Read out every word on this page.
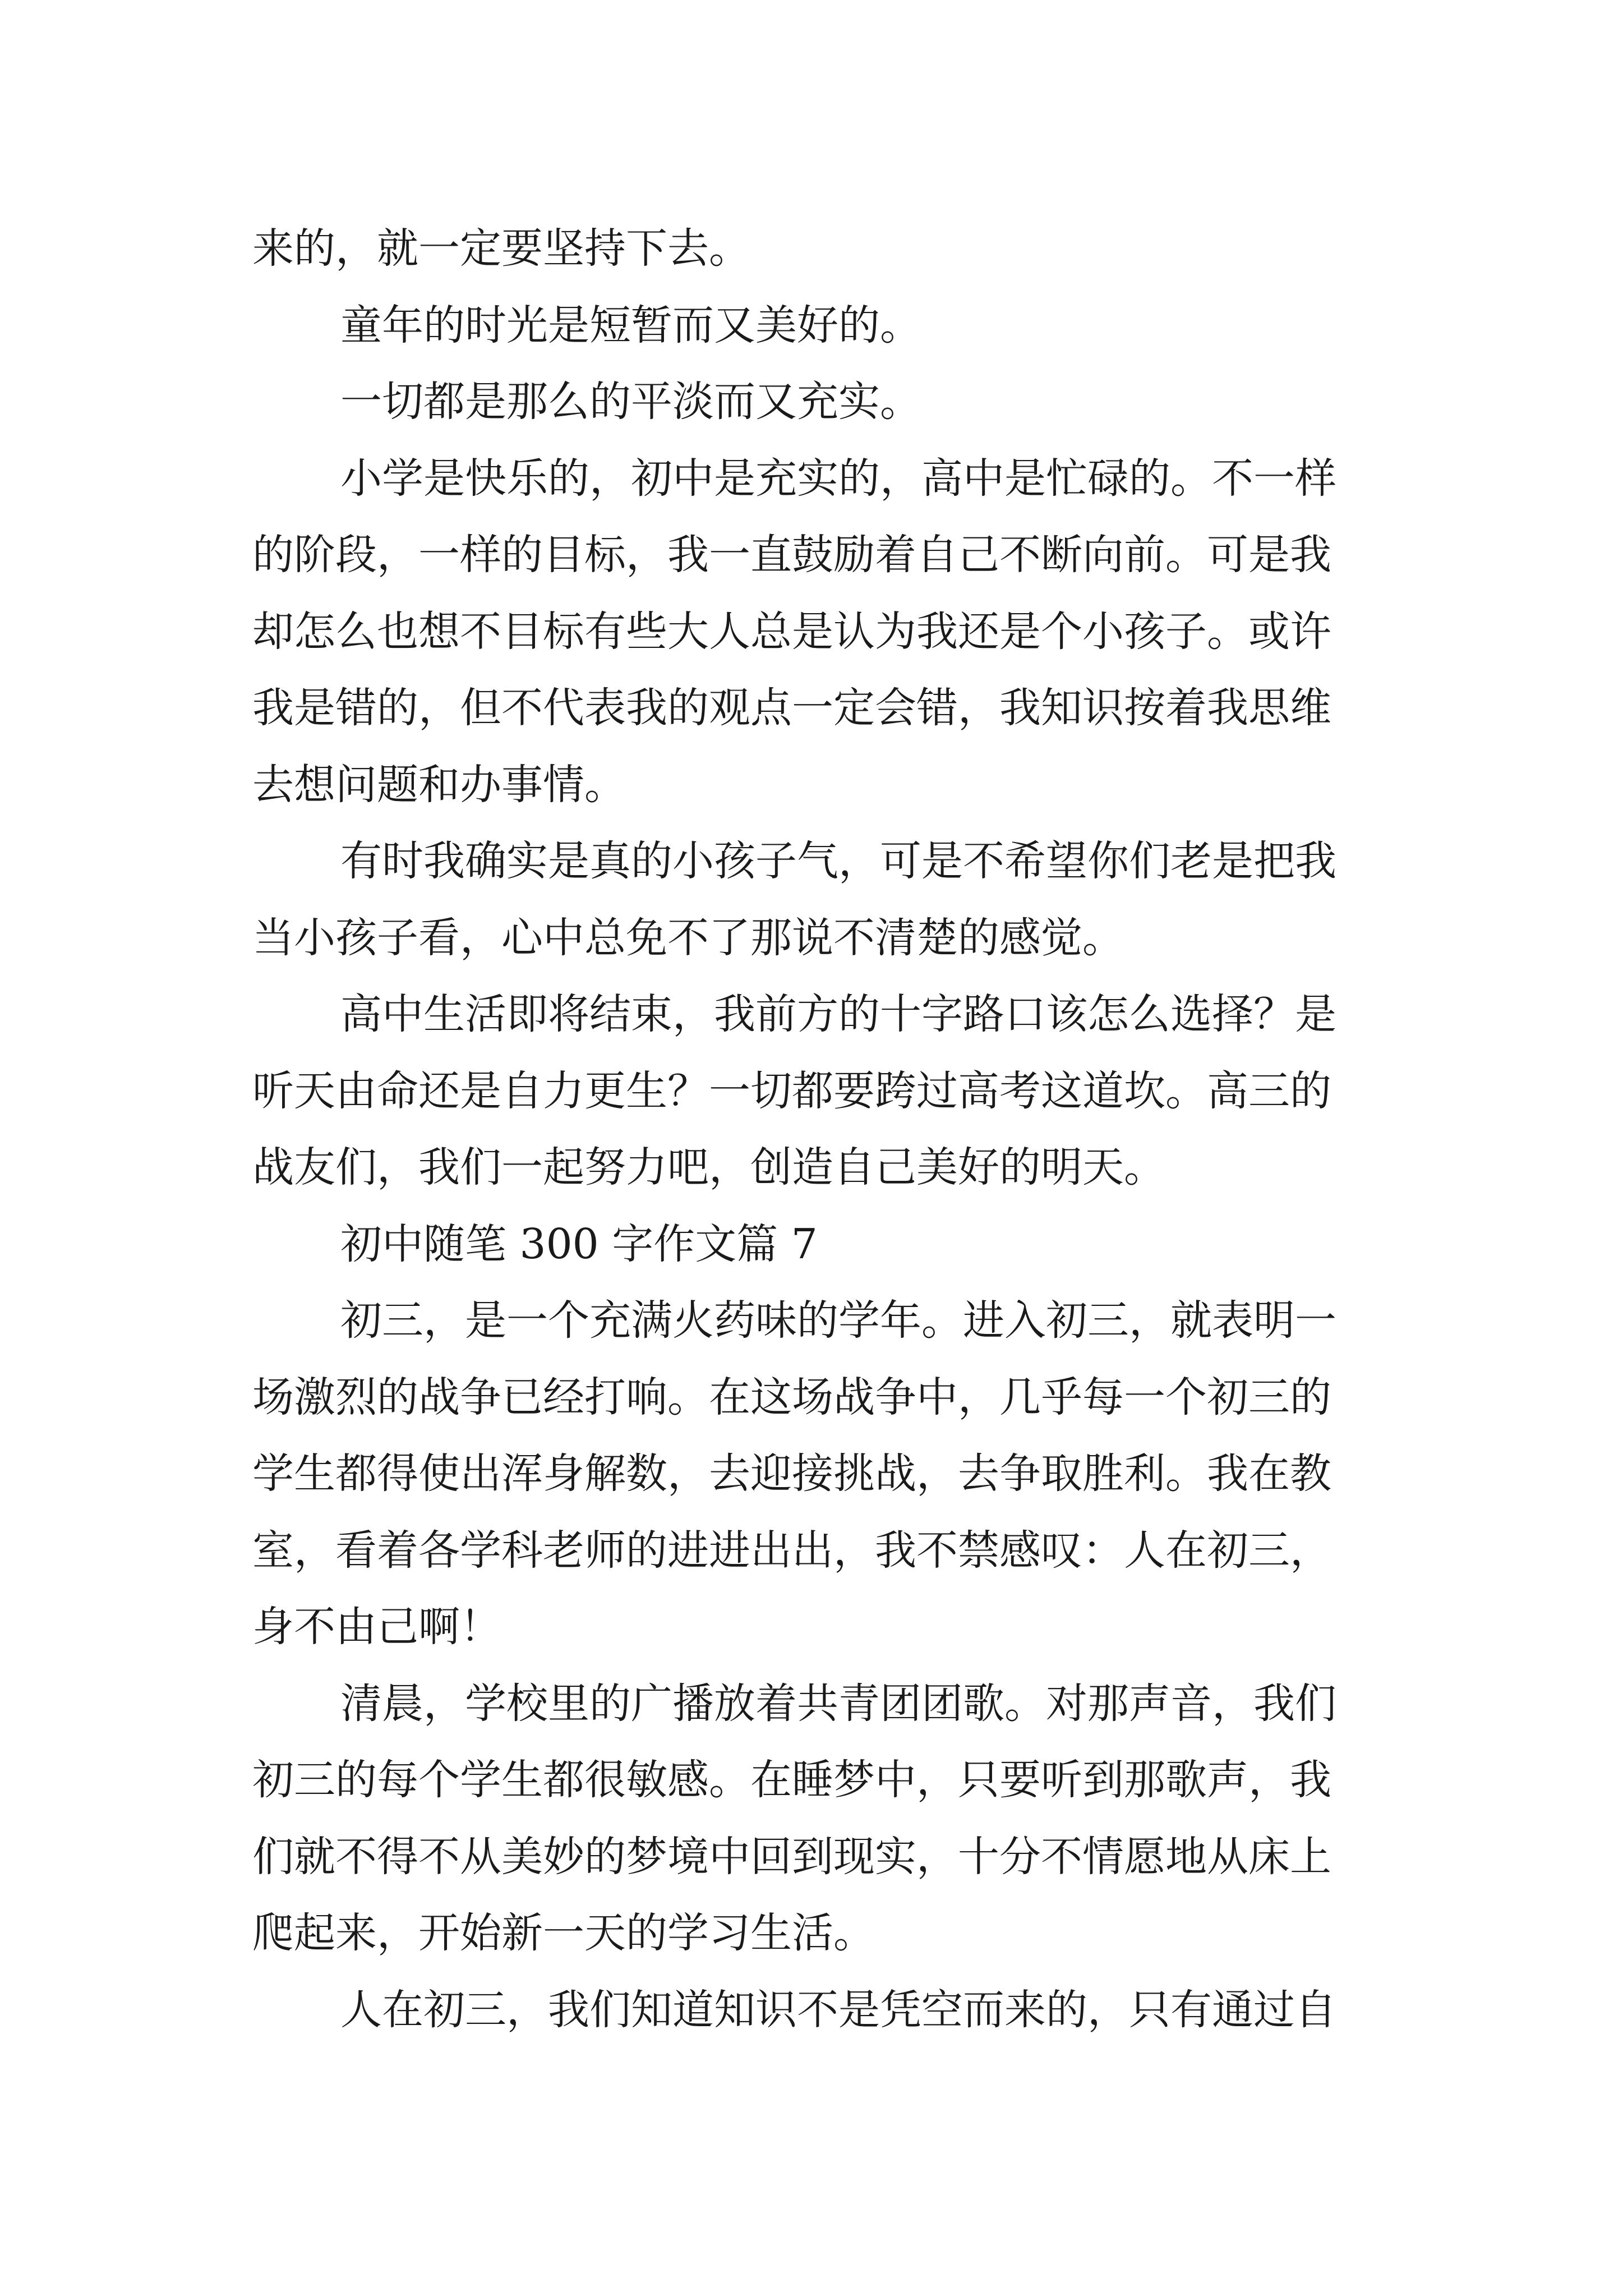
来的，就一定要坚持下去。
童年的时光是短暂而又美好的。
一切都是那么的平淡而又充实。
小学是快乐的，初中是充实的，高中是忙碌的。不一样
的阶段，一样的目标，我一直鼓励着自己不断向前。可是我
却怎么也想不目标有些大人总是认为我还是个小孩子。或许
我是错的，但不代表我的观点一定会错，我知识按着我思维
去想问题和办事情。
有时我确实是真的小孩子气，可是不希望你们老是把我
当小孩子看，心中总免不了那说不清楚的感觉。
高中生活即将结束，我前方的十字路口该怎么选择？是
听天由命还是自力更生？一切都要跨过高考这道坎。高三的
战友们，我们一起努力吧，创造自己美好的明天。
初中随笔 300 字作文篇 7
初三，是一个充满火药味的学年。进入初三，就表明一
场激烈的战争已经打响。在这场战争中，几乎每一个初三的
学生都得使出浑身解数，去迎接挑战，去争取胜利。我在教
室，看着各学科老师的进进出出，我不禁感叹：人在初三，
身不由己啊！
清晨，学校里的广播放着共青团团歌。对那声音，我们
初三的每个学生都很敏感。在睡梦中，只要听到那歌声，我
们就不得不从美妙的梦境中回到现实，十分不情愿地从床上
爬起来，开始新一天的学习生活。
人在初三，我们知道知识不是凭空而来的，只有通过自
